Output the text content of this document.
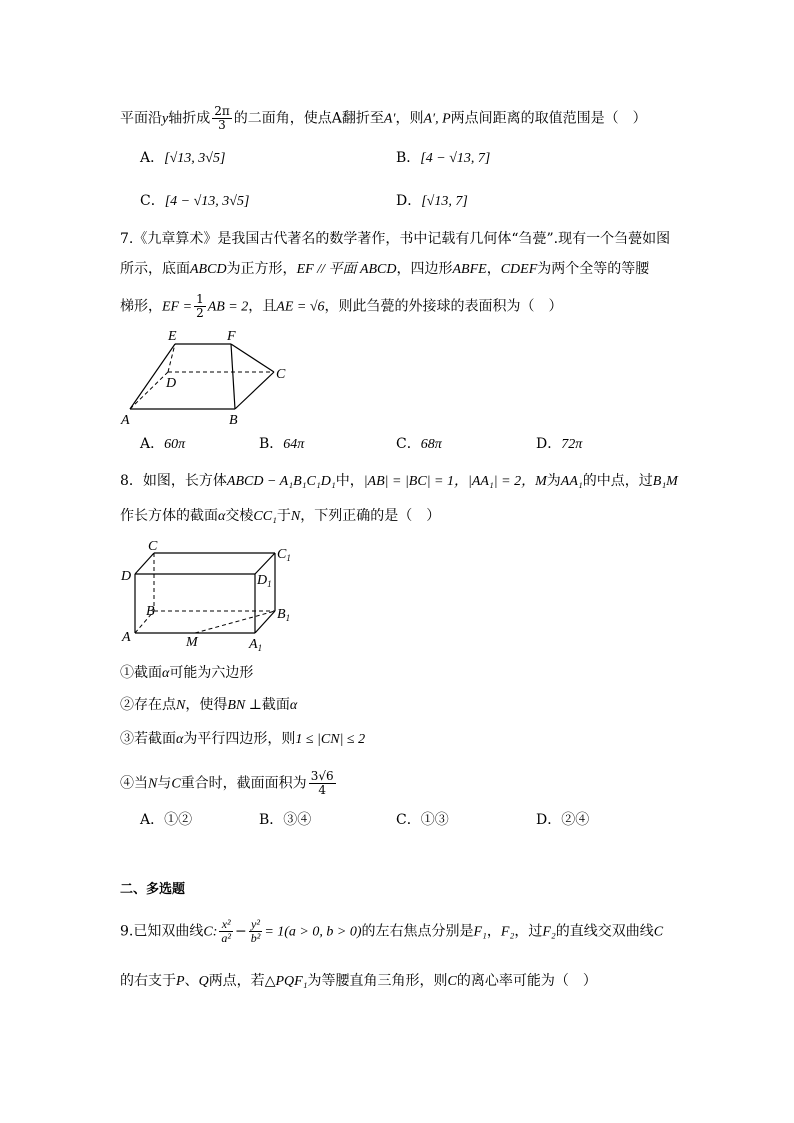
平面沿y轴折成 $\frac{2\pi}{3}$ 的二面角，使点A翻折至A′，则A′, P两点间距离的取值范围是（　）
A．[√13, 3√5]	B．[4 − √13, 7]
C．[4 − √13, 3√5]	D．[√13, 7]
7.《九章算术》是我国古代著名的数学著作，书中记载有几何体“刍甍”.现有一个刍甍如图
所示，底面ABCD为正方形，EF // 平面 ABCD，四边形ABFE，CDEF为两个全等的等腰
梯形，EF = $\frac{1}{2}$ AB = 2，且AE = √6，则此刍甍的外接球的表面积为（　）
E	F
D
C
A	B
A．60π	B．64π	C．68π	D．72π
8．如图，长方体ABCD − A₁B₁C₁D₁中，|AB| = |BC| = 1，|AA₁| = 2，M为AA₁的中点，过B₁M
作长方体的截面α交棱CC₁于N，下列正确的是（　）
C
$C_1$
D	$D_1$
B	$B_1$
A	M	$A_1$
①截面α可能为六边形
②存在点N，使得BN ⊥截面α
③若截面α为平行四边形，则1 ≤ |CN| ≤ 2
④当N与C重合时，截面面积为 $\frac{3√6}{4}$
A．①②	B．③④	C．①③	D．②④
二、多选题
9.已知双曲线C: $\frac{\text{x²}}{\text{a²}} - \frac{\text{y²}}{\text{b²}} = 1(a > 0$, b > 0)的左右焦点分别是F₁，F₂，过F₂的直线交双曲线C
的右支于P、Q两点，若△PQF₁为等腰直角三角形，则C的离心率可能为（　）
